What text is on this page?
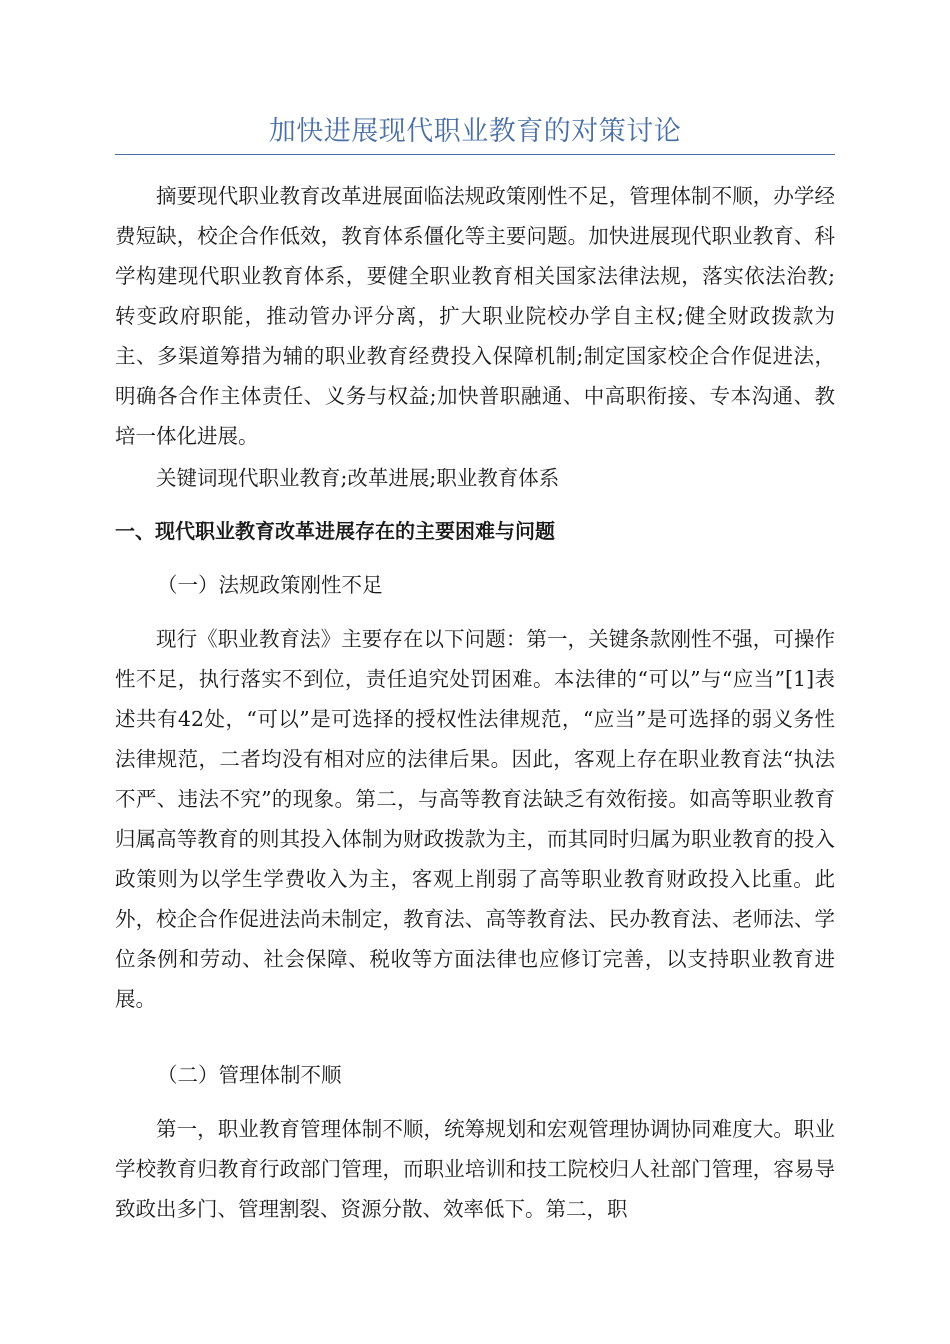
加快进展现代职业教育的对策讨论

摘要现代职业教育改革进展面临法规政策刚性不足，管理体制不顺，办学经费短缺，校企合作低效，教育体系僵化等主要问题。加快进展现代职业教育、科学构建现代职业教育体系，要健全职业教育相关国家法律法规，落实依法治教;转变政府职能，推动管办评分离，扩大职业院校办学自主权;健全财政拨款为主、多渠道筹措为辅的职业教育经费投入保障机制;制定国家校企合作促进法，明确各合作主体责任、义务与权益;加快普职融通、中高职衔接、专本沟通、教培一体化进展。

关键词现代职业教育;改革进展;职业教育体系

一、现代职业教育改革进展存在的主要困难与问题

（一）法规政策刚性不足

现行《职业教育法》主要存在以下问题：第一，关键条款刚性不强，可操作性不足，执行落实不到位，责任追究处罚困难。本法律的“可以”与“应当”[1]表述共有42处，“可以”是可选择的授权性法律规范，“应当”是可选择的弱义务性法律规范，二者均没有相对应的法律后果。因此，客观上存在职业教育法“执法不严、违法不究”的现象。第二，与高等教育法缺乏有效衔接。如高等职业教育归属高等教育的则其投入体制为财政拨款为主，而其同时归属为职业教育的投入政策则为以学生学费收入为主，客观上削弱了高等职业教育财政投入比重。此外，校企合作促进法尚未制定，教育法、高等教育法、民办教育法、老师法、学位条例和劳动、社会保障、税收等方面法律也应修订完善，以支持职业教育进展。

（二）管理体制不顺

第一，职业教育管理体制不顺，统筹规划和宏观管理协调协同难度大。职业学校教育归教育行政部门管理，而职业培训和技工院校归人社部门管理，容易导致政出多门、管理割裂、资源分散、效率低下。第二，职
